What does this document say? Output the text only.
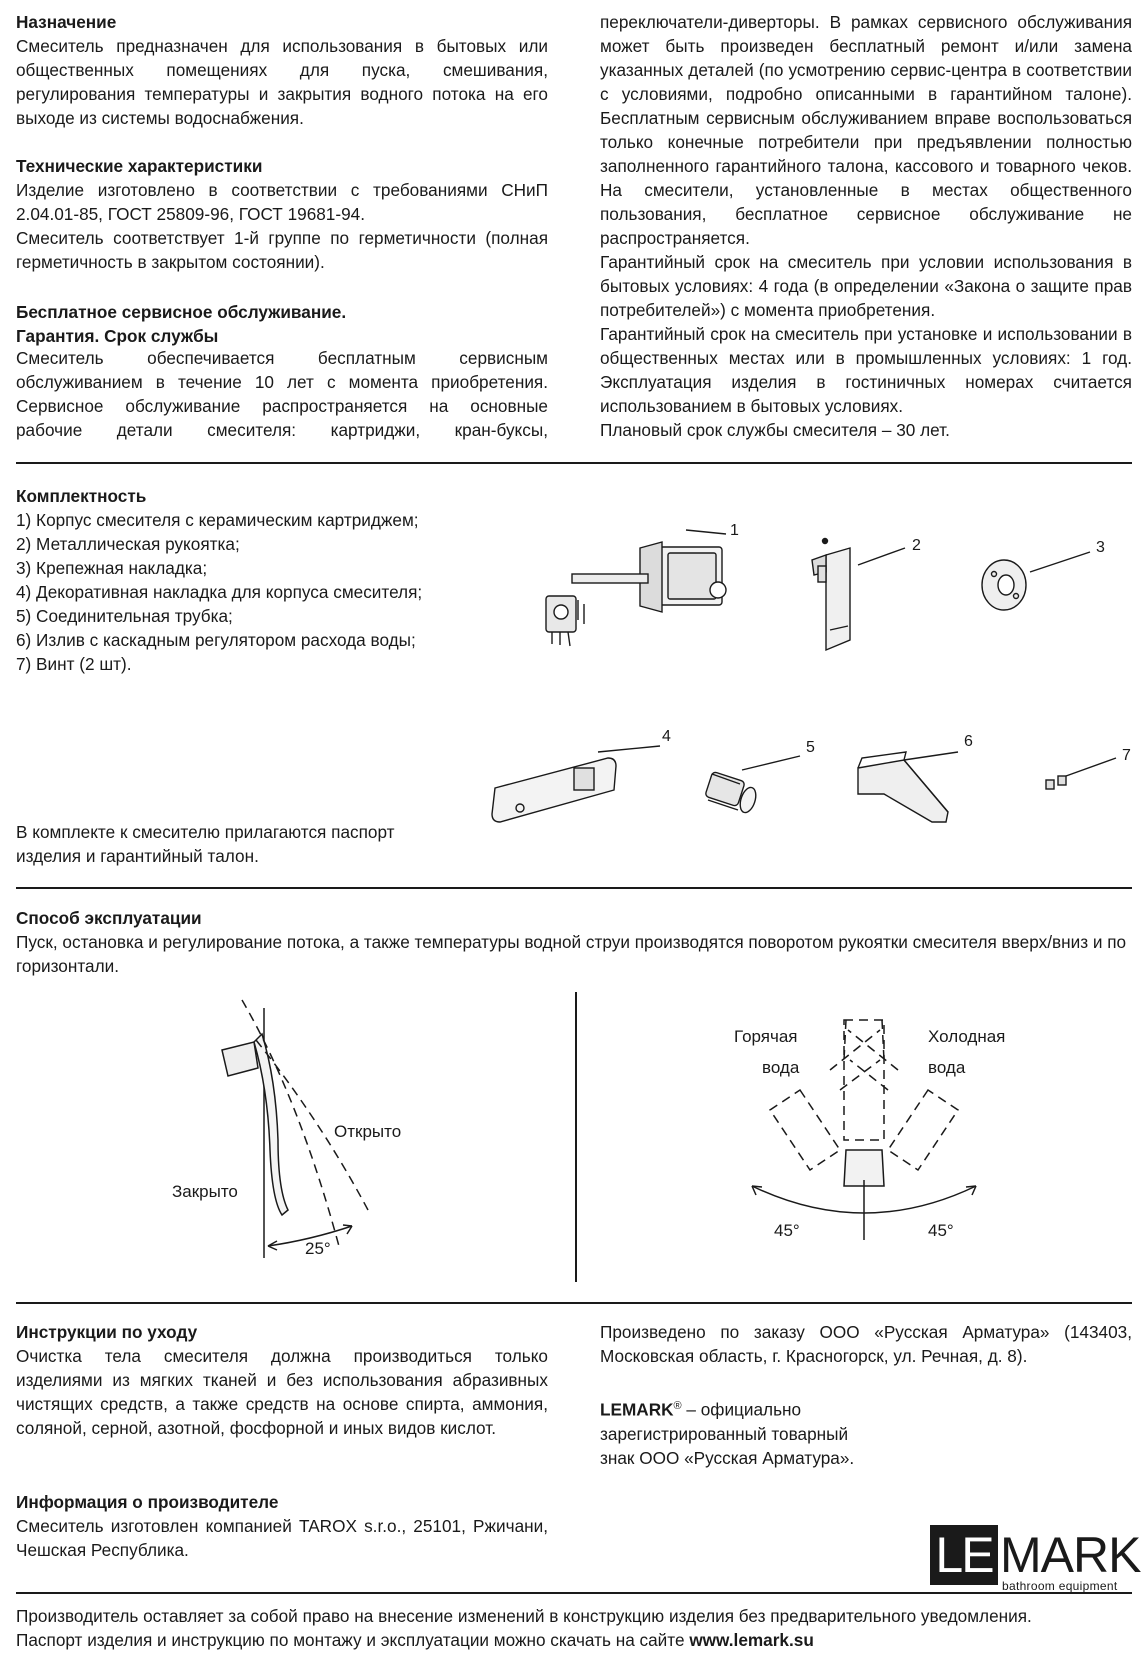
Назначение

Смеситель предназначен для использования в бытовых или общественных помещениях для пуска, смешивания, регулирования температуры и закрытия водного потока на его выходе из системы водоснабжения.

Технические характеристики

Изделие изготовлено в соответствии с требованиями СНиП 2.04.01-85, ГОСТ 25809-96, ГОСТ 19681-94.

Смеситель соответствует 1-й группе по герметичности (полная герметичность в закрытом состоянии).

Бесплатное сервисное обслуживание.

Гарантия. Срок службы

Смеситель обеспечивается бесплатным сервисным обслуживанием в течение 10 лет с момента приобретения. Сервисное обслуживание распространяется на основные рабочие детали смесителя: картриджи, кран-буксы, переключатели-диверторы. В рамках сервисного обслуживания может быть произведен бесплатный ремонт и/или замена указанных деталей (по усмотрению сервис-центра в соответствии с условиями, подробно описанными в гарантийном талоне). Бесплатным сервисным обслуживанием вправе воспользоваться только конечные потребители при предъявлении полностью заполненного гарантийного талона, кассового и товарного чеков. На смесители, установленные в местах общественного пользования, бесплатное сервисное обслуживание не распространяется.

Гарантийный срок на смеситель при условии использования в бытовых условиях: 4 года (в определении «Закона о защите прав потребителей») с момента приобретения.

Гарантийный срок на смеситель при установке и использовании в общественных местах или в промышленных условиях: 1 год. Эксплуатация изделия в гостиничных номерах считается использованием в бытовых условиях.

Плановый срок службы смесителя – 30 лет.

Комплектность

1) Корпус смесителя с керамическим картриджем;

2) Металлическая рукоятка;

3) Крепежная накладка;

4) Декоративная накладка для корпуса смесителя;

5) Соединительная трубка;

6) Излив с каскадным регулятором расхода воды;

7) Винт (2 шт).

В комплекте к смесителю прилагаются паспорт изделия и гарантийный талон.

1
2	3
4
5	6
7

Способ эксплуатации

Пуск, остановка и регулирование потока, а также температуры водной струи производятся поворотом рукоятки смесителя вверх/вниз и по горизонтали.

Открыто
Закрыто
25°
Горячая
вода
Холодная
вода
45°	45°

Инструкции по уходу

Очистка тела смесителя должна производиться только изделиями из мягких тканей и без использования абразивных чистящих средств, а также средств на основе спирта, аммония, соляной, серной, азотной, фосфорной и иных видов кислот.

Информация о производителе

Смеситель изготовлен компанией TAROX s.r.o., 25101, Ржичани, Чешская Республика.

Произведено по заказу ООО «Русская Арматура» (143403, Московская область, г. Красногорск, ул. Речная, д. 8).

LEMARK® – официально

зарегистрированный товарный

знак ООО «Русская Арматура».

LE MARK
bathroom equipment

Производитель оставляет за собой право на внесение изменений в конструкцию изделия без предварительного уведомления.

Паспорт изделия и инструкцию по монтажу и эксплуатации можно скачать на сайте www.lemark.su
